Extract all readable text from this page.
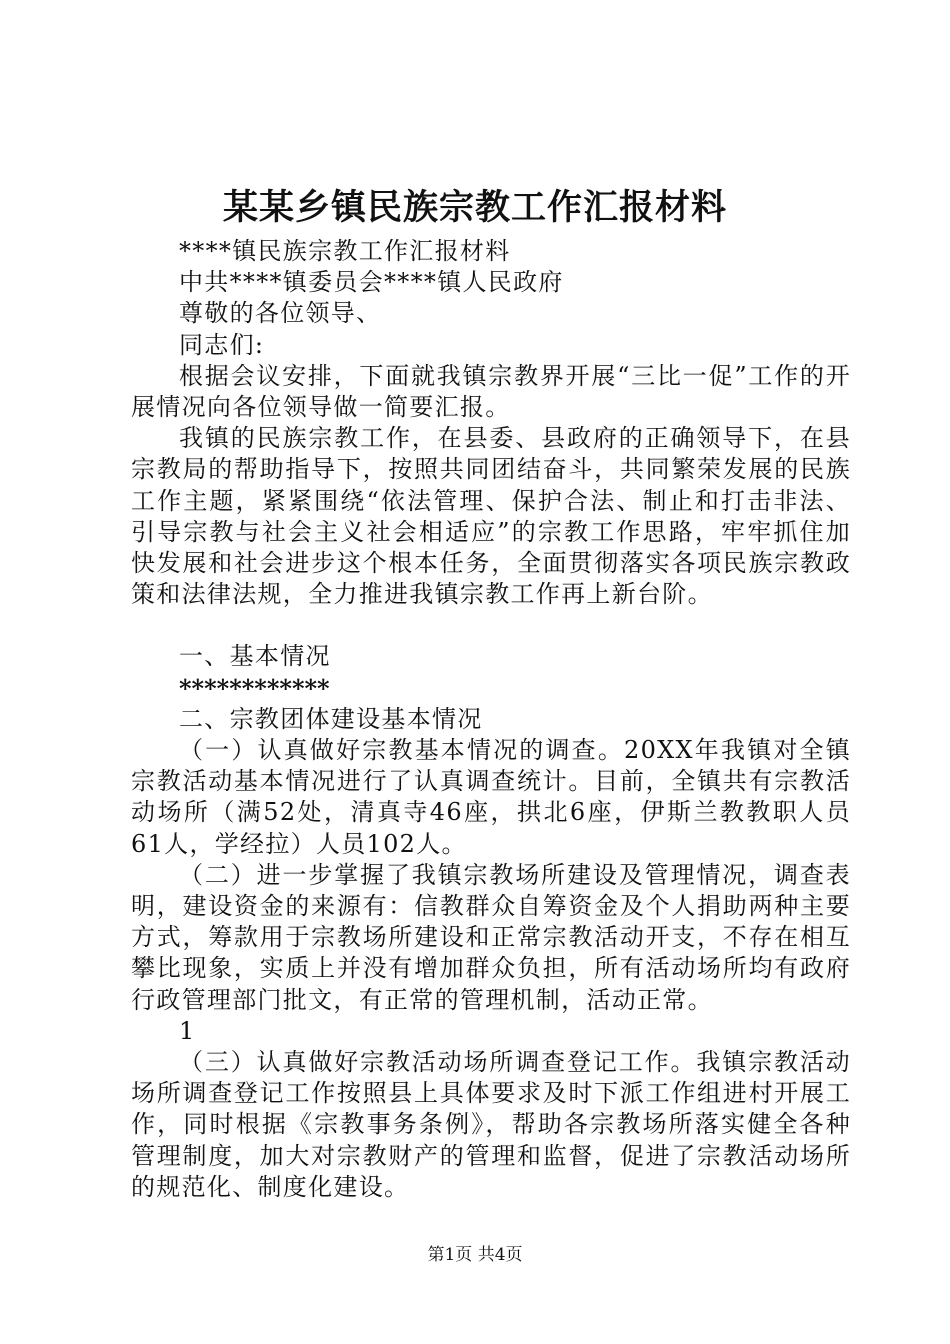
某某乡镇民族宗教工作汇报材料

****镇民族宗教工作汇报材料

中共****镇委员会****镇人民政府

尊敬的各位领导、

同志们:

根据会议安排，下面就我镇宗教界开展“三比一促”工作的开展情况向各位领导做一简要汇报。

我镇的民族宗教工作，在县委、县政府的正确领导下，在县宗教局的帮助指导下，按照共同团结奋斗，共同繁荣发展的民族工作主题，紧紧围绕“依法管理、保护合法、制止和打击非法、引导宗教与社会主义社会相适应”的宗教工作思路，牢牢抓住加快发展和社会进步这个根本任务，全面贯彻落实各项民族宗教政策和法律法规，全力推进我镇宗教工作再上新台阶。

一、基本情况

************

二、宗教团体建设基本情况

（一）认真做好宗教基本情况的调查。20XX年我镇对全镇宗教活动基本情况进行了认真调查统计。目前，全镇共有宗教活动场所（满52处，清真寺46座，拱北6座，伊斯兰教教职人员61人，学经拉）人员102人。

（二）进一步掌握了我镇宗教场所建设及管理情况，调查表明，建设资金的来源有：信教群众自筹资金及个人捐助两种主要方式，筹款用于宗教场所建设和正常宗教活动开支，不存在相互攀比现象，实质上并没有增加群众负担，所有活动场所均有政府行政管理部门批文，有正常的管理机制，活动正常。

1

（三）认真做好宗教活动场所调查登记工作。我镇宗教活动场所调查登记工作按照县上具体要求及时下派工作组进村开展工作，同时根据《宗教事务条例》，帮助各宗教场所落实健全各种管理制度，加大对宗教财产的管理和监督，促进了宗教活动场所的规范化、制度化建设。

第1页 共4页
